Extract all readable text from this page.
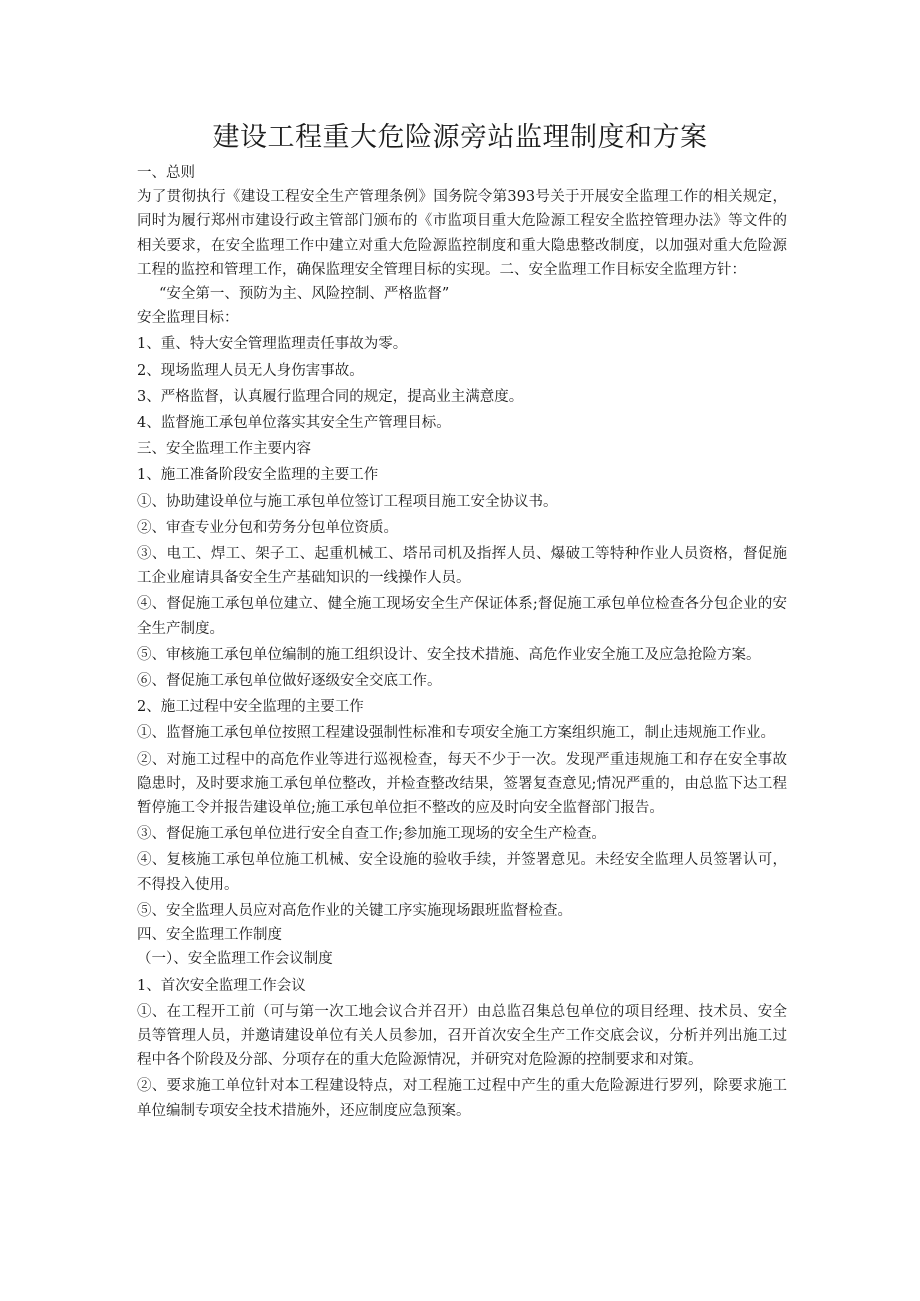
建设工程重大危险源旁站监理制度和方案

一、总则

为了贯彻执行《建设工程安全生产管理条例》国务院令第393号关于开展安全监理工作的相关规定，同时为履行郑州市建设行政主管部门颁布的《市监项目重大危险源工程安全监控管理办法》等文件的相关要求，在安全监理工作中建立对重大危险源监控制度和重大隐患整改制度，以加强对重大危险源工程的监控和管理工作，确保监理安全管理目标的实现。二、安全监理工作目标安全监理方针：

“安全第一、预防为主、风险控制、严格监督”

安全监理目标：

1、重、特大安全管理监理责任事故为零。

2、现场监理人员无人身伤害事故。

3、严格监督，认真履行监理合同的规定，提高业主满意度。

4、监督施工承包单位落实其安全生产管理目标。

三、安全监理工作主要内容

1、施工准备阶段安全监理的主要工作

①、协助建设单位与施工承包单位签订工程项目施工安全协议书。

②、审查专业分包和劳务分包单位资质。

③、电工、焊工、架子工、起重机械工、塔吊司机及指挥人员、爆破工等特种作业人员资格，督促施工企业雇请具备安全生产基础知识的一线操作人员。

④、督促施工承包单位建立、健全施工现场安全生产保证体系;督促施工承包单位检查各分包企业的安全生产制度。

⑤、审核施工承包单位编制的施工组织设计、安全技术措施、高危作业安全施工及应急抢险方案。

⑥、督促施工承包单位做好逐级安全交底工作。

2、施工过程中安全监理的主要工作

①、监督施工承包单位按照工程建设强制性标准和专项安全施工方案组织施工，制止违规施工作业。

②、对施工过程中的高危作业等进行巡视检查，每天不少于一次。发现严重违规施工和存在安全事故隐患时，及时要求施工承包单位整改，并检查整改结果，签署复查意见;情况严重的，由总监下达工程暂停施工令并报告建设单位;施工承包单位拒不整改的应及时向安全监督部门报告。

③、督促施工承包单位进行安全自查工作;参加施工现场的安全生产检查。

④、复核施工承包单位施工机械、安全设施的验收手续，并签署意见。未经安全监理人员签署认可，不得投入使用。

⑤、安全监理人员应对高危作业的关键工序实施现场跟班监督检查。

四、安全监理工作制度

（一）、安全监理工作会议制度

1、首次安全监理工作会议

①、在工程开工前（可与第一次工地会议合并召开）由总监召集总包单位的项目经理、技术员、安全员等管理人员，并邀请建设单位有关人员参加，召开首次安全生产工作交底会议，分析并列出施工过程中各个阶段及分部、分项存在的重大危险源情况，并研究对危险源的控制要求和对策。

②、要求施工单位针对本工程建设特点，对工程施工过程中产生的重大危险源进行罗列，除要求施工单位编制专项安全技术措施外，还应制度应急预案。
